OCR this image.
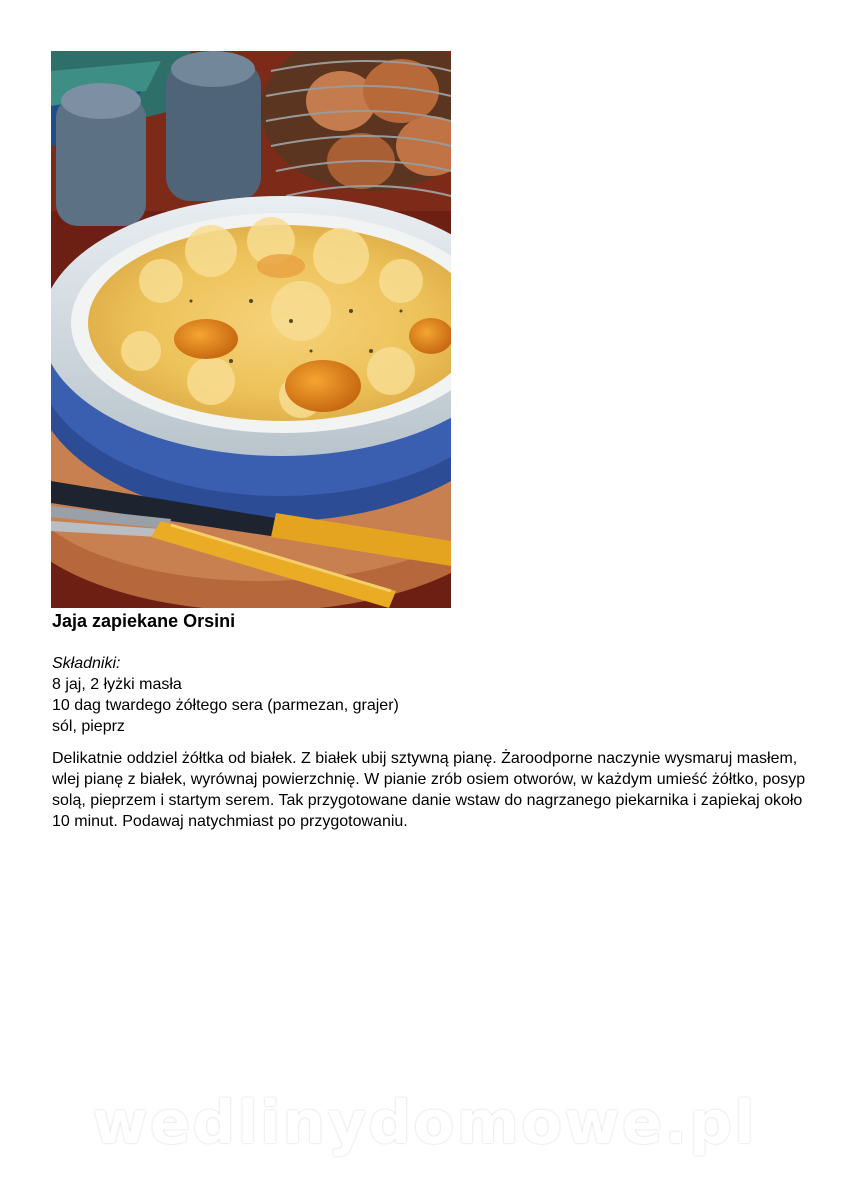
Jaja zapiekane Orsini
Składniki:
8 jaj, 2 łyżki masła
10 dag twardego żółtego sera (parmezan, grajer)
sól, pieprz

Delikatnie oddziel żółtka od białek. Z białek ubij sztywną pianę. Żaroodporne naczynie wysmaruj masłem, wlej pianę z białek, wyrównaj powierzchnię. W pianie zrób osiem otworów, w każdym umieść żółtko, posyp solą, pieprzem i startym serem. Tak przygotowane danie wstaw do nagrzanego piekarnika i zapiekaj około 10 minut. Podawaj natychmiast po przygotowaniu.

wedlinydomowe.pl
